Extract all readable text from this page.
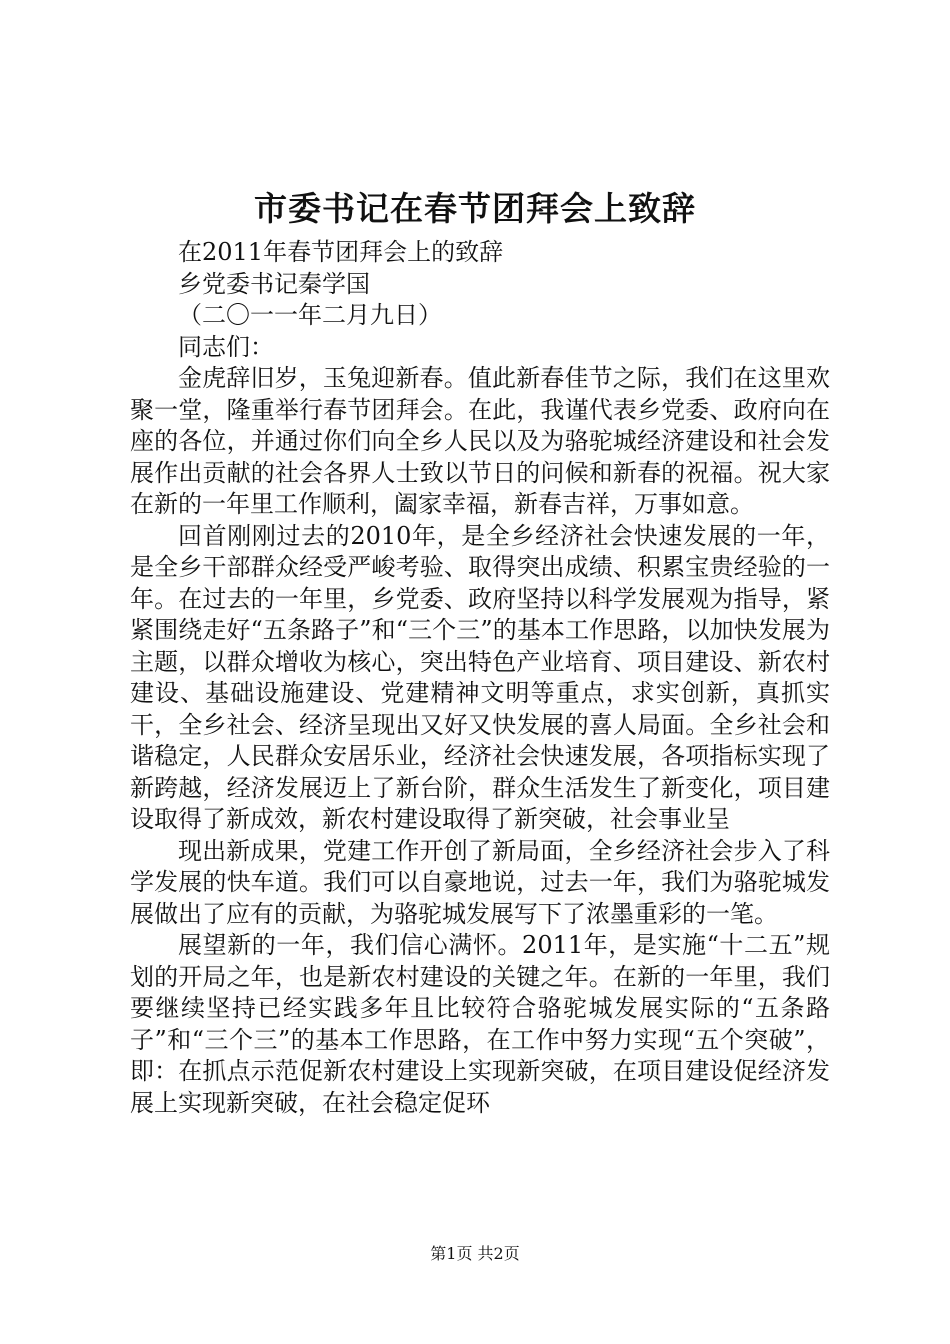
市委书记在春节团拜会上致辞

在2011年春节团拜会上的致辞

乡党委书记秦学国

（二〇一一年二月九日）

同志们：

金虎辞旧岁，玉兔迎新春。值此新春佳节之际，我们在这里欢聚一堂，隆重举行春节团拜会。在此，我谨代表乡党委、政府向在座的各位，并通过你们向全乡人民以及为骆驼城经济建设和社会发展作出贡献的社会各界人士致以节日的问候和新春的祝福。祝大家在新的一年里工作顺利，阖家幸福，新春吉祥，万事如意。

回首刚刚过去的2010年，是全乡经济社会快速发展的一年，是全乡干部群众经受严峻考验、取得突出成绩、积累宝贵经验的一年。在过去的一年里，乡党委、政府坚持以科学发展观为指导，紧紧围绕走好“五条路子”和“三个三”的基本工作思路，以加快发展为主题，以群众增收为核心，突出特色产业培育、项目建设、新农村建设、基础设施建设、党建精神文明等重点，求实创新，真抓实干，全乡社会、经济呈现出又好又快发展的喜人局面。全乡社会和谐稳定，人民群众安居乐业，经济社会快速发展，各项指标实现了新跨越，经济发展迈上了新台阶，群众生活发生了新变化，项目建设取得了新成效，新农村建设取得了新突破，社会事业呈

现出新成果，党建工作开创了新局面，全乡经济社会步入了科学发展的快车道。我们可以自豪地说，过去一年，我们为骆驼城发展做出了应有的贡献，为骆驼城发展写下了浓墨重彩的一笔。

展望新的一年，我们信心满怀。2011年，是实施“十二五”规划的开局之年，也是新农村建设的关键之年。在新的一年里，我们要继续坚持已经实践多年且比较符合骆驼城发展实际的“五条路子”和“三个三”的基本工作思路，在工作中努力实现“五个突破”，即：在抓点示范促新农村建设上实现新突破，在项目建设促经济发展上实现新突破，在社会稳定促环

第1页 共2页
